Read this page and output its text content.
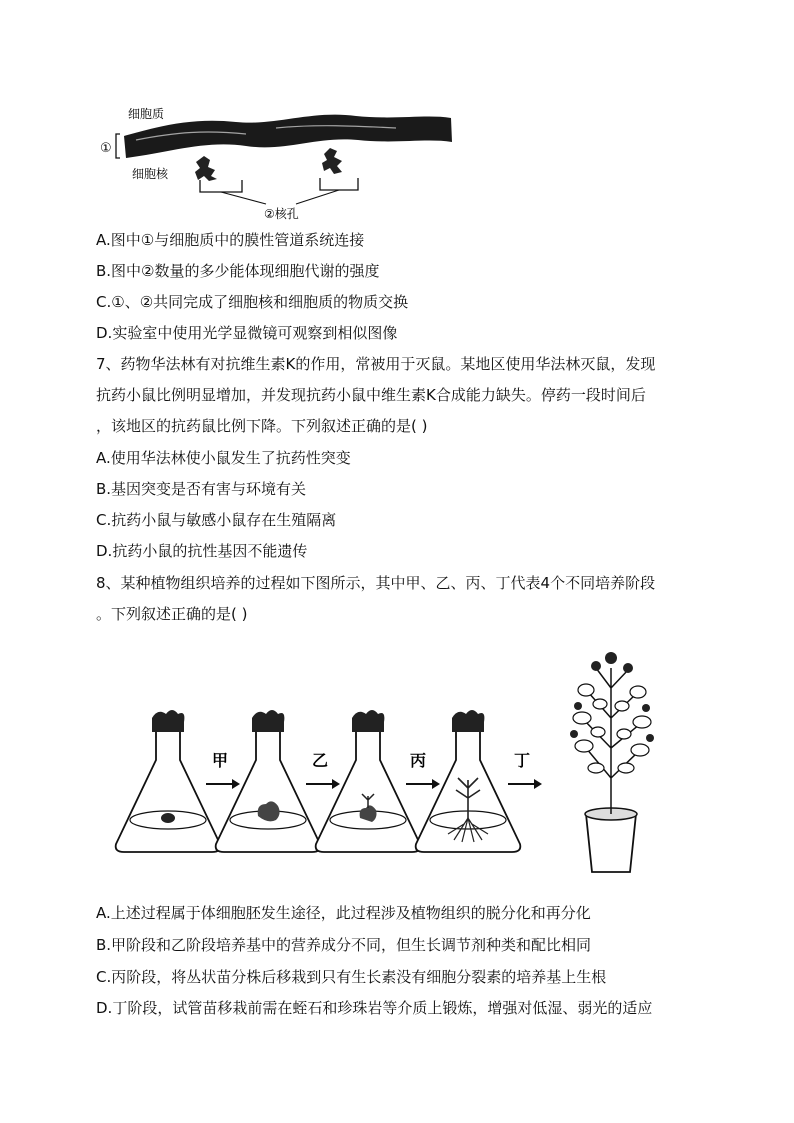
①
细胞质
细胞核
②核孔
A.图中①与细胞质中的膜性管道系统连接
B.图中②数量的多少能体现细胞代谢的强度
C.①、②共同完成了细胞核和细胞质的物质交换
D.实验室中使用光学显微镜可观察到相似图像
7、药物华法林有对抗维生素K的作用，常被用于灭鼠。某地区使用华法林灭鼠，发现
抗药小鼠比例明显增加，并发现抗药小鼠中维生素K合成能力缺失。停药一段时间后
，该地区的抗药鼠比例下降。下列叙述正确的是( )
A.使用华法林使小鼠发生了抗药性突变
B.基因突变是否有害与环境有关
C.抗药小鼠与敏感小鼠存在生殖隔离
D.抗药小鼠的抗性基因不能遗传
8、某种植物组织培养的过程如下图所示，其中甲、乙、丙、丁代表4个不同培养阶段
。下列叙述正确的是( )
甲	乙	丙	丁
A.上述过程属于体细胞胚发生途径，此过程涉及植物组织的脱分化和再分化
B.甲阶段和乙阶段培养基中的营养成分不同，但生长调节剂种类和配比相同
C.丙阶段，将丛状苗分株后移栽到只有生长素没有细胞分裂素的培养基上生根
D.丁阶段，试管苗移栽前需在蛭石和珍珠岩等介质上锻炼，增强对低湿、弱光的适应
